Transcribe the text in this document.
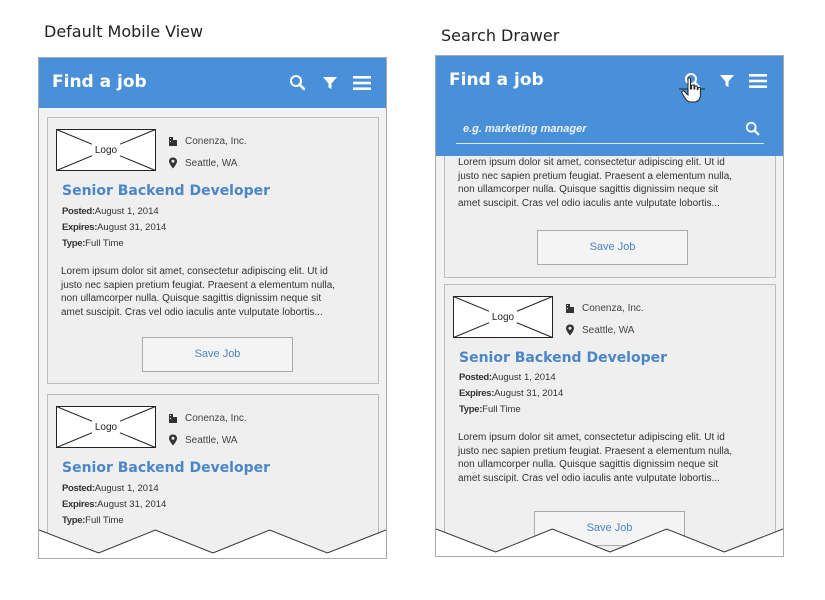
Default Mobile View	Search Drawer
Find a job
Logo
Conenza, Inc.
Seattle, WA
Senior Backend Developer
Posted:August 1, 2014
Expires:August 31, 2014
Type:Full Time
Lorem ipsum dolor sit amet, consectetur adipiscing elit. Ut id
justo nec sapien pretium feugiat. Praesent a elementum nulla,
non ullamcorper nulla. Quisque sagittis dignissim neque sit
amet suscipit. Cras vel odio iaculis ante vulputate lobortis...
Save Job
Logo
Conenza, Inc.
Seattle, WA
Senior Backend Developer
Posted:August 1, 2014
Expires:August 31, 2014
Type:Full Time
Lorem ipsum dolor sit amet, consectetur adipiscing elit. Ut id
justo nec sapien pretium feugiat. Praesent a elementum nulla,
non ullamcorper nulla. Quisque sagittis dignissim neque sit
amet suscipit. Cras vel odio iaculis ante vulputate lobortis...
Save Job
Logo
Conenza, Inc.
Seattle, WA
Senior Backend Developer
Posted:August 1, 2014
Expires:August 31, 2014
Type:Full Time
Lorem ipsum dolor sit amet, consectetur adipiscing elit. Ut id
justo nec sapien pretium feugiat. Praesent a elementum nulla,
non ullamcorper nulla. Quisque sagittis dignissim neque sit
amet suscipit. Cras vel odio iaculis ante vulputate lobortis...
Save Job
Find a job
e.g. marketing manager
